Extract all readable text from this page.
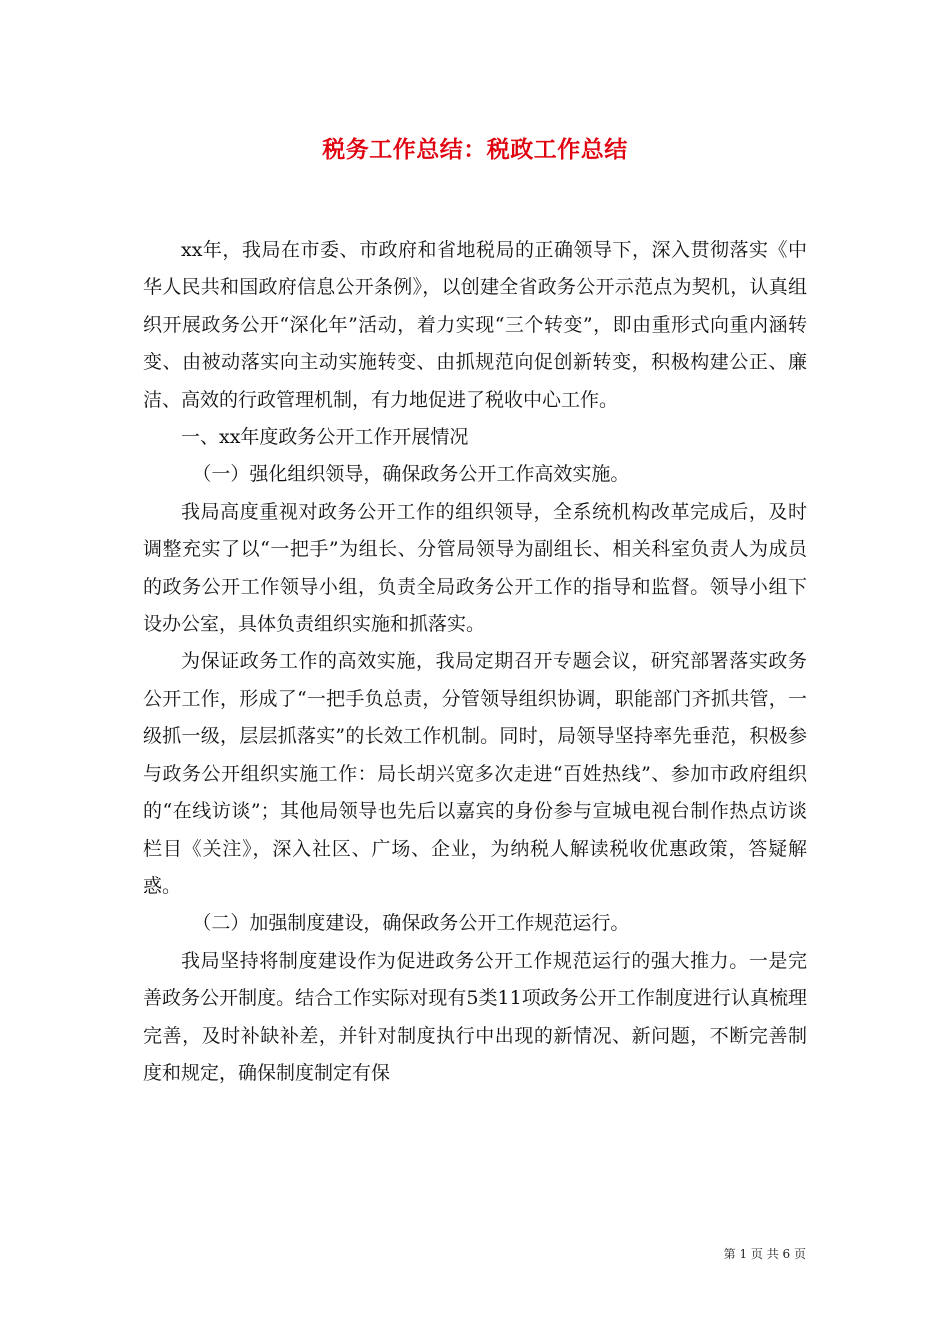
税务工作总结：税政工作总结

xx年，我局在市委、市政府和省地税局的正确领导下，深入贯彻落实《中华人民共和国政府信息公开条例》，以创建全省政务公开示范点为契机，认真组织开展政务公开“深化年”活动，着力实现“三个转变”，即由重形式向重内涵转变、由被动落实向主动实施转变、由抓规范向促创新转变，积极构建公正、廉洁、高效的行政管理机制，有力地促进了税收中心工作。

一、xx年度政务公开工作开展情况

（一）强化组织领导，确保政务公开工作高效实施。

我局高度重视对政务公开工作的组织领导，全系统机构改革完成后，及时调整充实了以“一把手”为组长、分管局领导为副组长、相关科室负责人为成员的政务公开工作领导小组，负责全局政务公开工作的指导和监督。领导小组下设办公室，具体负责组织实施和抓落实。

为保证政务工作的高效实施，我局定期召开专题会议，研究部署落实政务公开工作，形成了“一把手负总责，分管领导组织协调，职能部门齐抓共管，一级抓一级，层层抓落实”的长效工作机制。同时，局领导坚持率先垂范，积极参与政务公开组织实施工作：局长胡兴宽多次走进“百姓热线”、参加市政府组织的“在线访谈”；其他局领导也先后以嘉宾的身份参与宣城电视台制作热点访谈栏目《关注》，深入社区、广场、企业，为纳税人解读税收优惠政策，答疑解惑。

（二）加强制度建设，确保政务公开工作规范运行。

我局坚持将制度建设作为促进政务公开工作规范运行的强大推力。一是完善政务公开制度。结合工作实际对现有5类11项政务公开工作制度进行认真梳理完善，及时补缺补差，并针对制度执行中出现的新情况、新问题，不断完善制度和规定，确保制度制定有保

第 1 页 共 6 页
